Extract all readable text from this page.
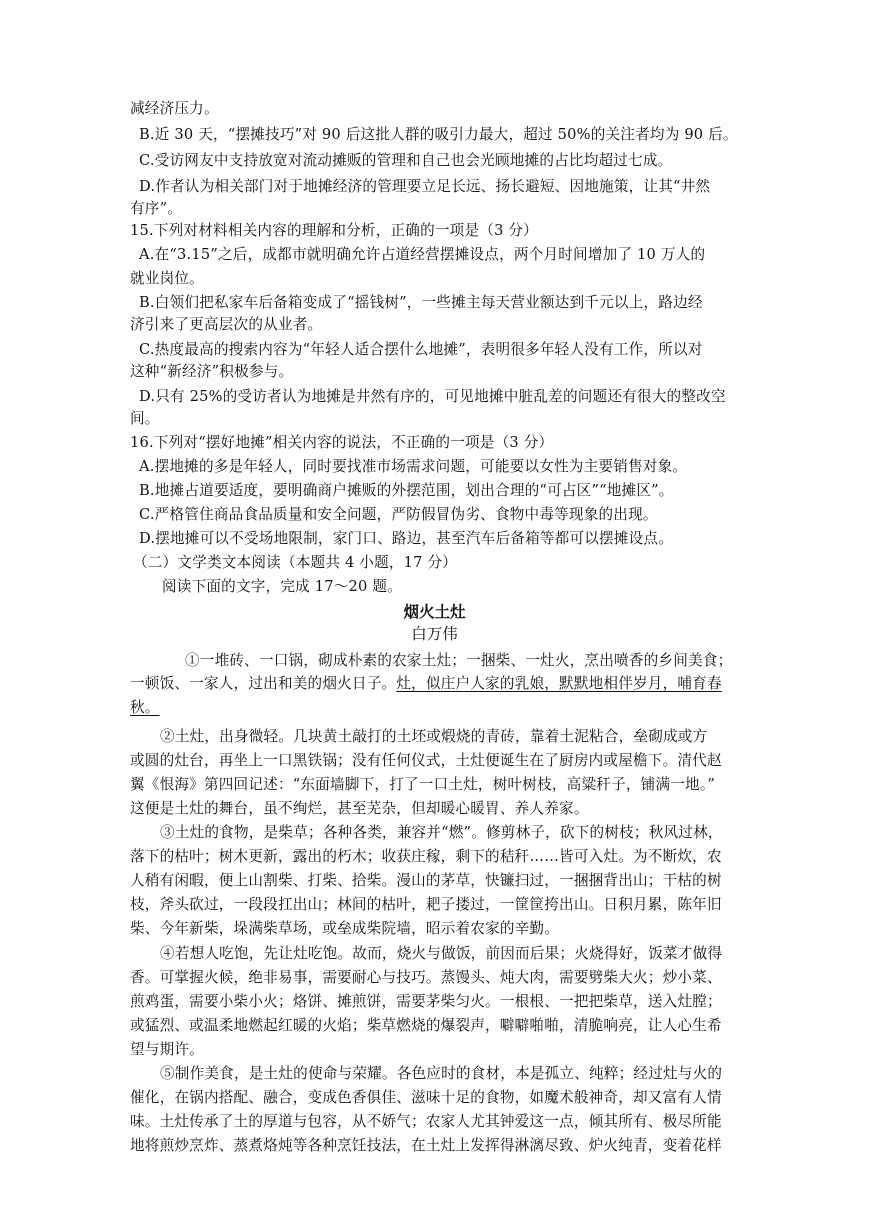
减经济压力。
B.近 30 天，“摆摊技巧”对 90 后这批人群的吸引力最大，超过 50%的关注者均为 90 后。
C.受访网友中支持放宽对流动摊贩的管理和自己也会光顾地摊的占比均超过七成。
D.作者认为相关部门对于地摊经济的管理要立足长远、扬长避短、因地施策，让其“井然
有序”。
15.下列对材料相关内容的理解和分析，正确的一项是（3 分）
A.在“3.15”之后，成都市就明确允许占道经营摆摊设点，两个月时间增加了 10 万人的
就业岗位。
B.白领们把私家车后备箱变成了“摇钱树”，一些摊主每天营业额达到千元以上，路边经
济引来了更高层次的从业者。
C.热度最高的搜索内容为“年轻人适合摆什么地摊”，表明很多年轻人没有工作，所以对
这种“新经济”积极参与。
D.只有 25%的受访者认为地摊是井然有序的，可见地摊中脏乱差的问题还有很大的整改空
间。
16.下列对“摆好地摊”相关内容的说法，不正确的一项是（3 分）
A.摆地摊的多是年轻人，同时要找准市场需求问题，可能要以女性为主要销售对象。
B.地摊占道要适度，要明确商户摊贩的外摆范围，划出合理的“可占区”“地摊区”。
C.严格管住商品食品质量和安全问题，严防假冒伪劣、食物中毒等现象的出现。
D.摆地摊可以不受场地限制，家门口、路边，甚至汽车后备箱等都可以摆摊设点。
（二）文学类文本阅读（本题共 4 小题，17 分）
阅读下面的文字，完成 17～20 题。
烟火土灶
白万伟
①一堆砖、一口锅，砌成朴素的农家土灶；一捆柴、一灶火，烹出喷香的乡间美食；
一顿饭、一家人，过出和美的烟火日子。灶，似庄户人家的乳娘，默默地相伴岁月，哺育春
秋。
②土灶，出身微轻。几块黄土敲打的土坯或煅烧的青砖，靠着土泥粘合，垒砌成或方
或圆的灶台，再坐上一口黑铁锅；没有任何仪式，土灶便诞生在了厨房内或屋檐下。清代赵
翼《恨海》第四回记述：“东面墙脚下，打了一口土灶，树叶树枝，高粱秆子，铺满一地。”
这便是土灶的舞台，虽不绚烂，甚至芜杂，但却暖心暖胃、养人养家。
③土灶的食物，是柴草；各种各类，兼容并“燃”。修剪林子，砍下的树枝；秋风过林，
落下的枯叶；树木更新，露出的朽木；收获庄稼，剩下的秸秆……皆可入灶。为不断炊，农
人稍有闲暇，便上山割柴、打柴、拾柴。漫山的茅草，快镰扫过，一捆捆背出山；干枯的树
枝，斧头砍过，一段段扛出山；林间的枯叶，耙子搂过，一筐筐挎出山。日积月累，陈年旧
柴、今年新柴，垛满柴草场，或垒成柴院墙，昭示着农家的辛勤。
④若想人吃饱，先让灶吃饱。故而，烧火与做饭，前因而后果；火烧得好，饭菜才做得
香。可掌握火候，绝非易事，需要耐心与技巧。蒸馒头、炖大肉，需要劈柴大火；炒小菜、
煎鸡蛋，需要小柴小火；烙饼、摊煎饼，需要茅柴匀火。一根根、一把把柴草，送入灶膛；
或猛烈、或温柔地燃起红暖的火焰；柴草燃烧的爆裂声，噼噼啪啪，清脆响亮，让人心生希
望与期许。
⑤制作美食，是土灶的使命与荣耀。各色应时的食材，本是孤立、纯粹；经过灶与火的
催化，在锅内搭配、融合，变成色香俱佳、滋味十足的食物，如魔术般神奇，却又富有人情
味。土灶传承了土的厚道与包容，从不娇气；农家人尤其钟爱这一点，倾其所有、极尽所能
地将煎炒烹炸、蒸煮烙炖等各种烹饪技法，在土灶上发挥得淋漓尽致、炉火纯青，变着花样
